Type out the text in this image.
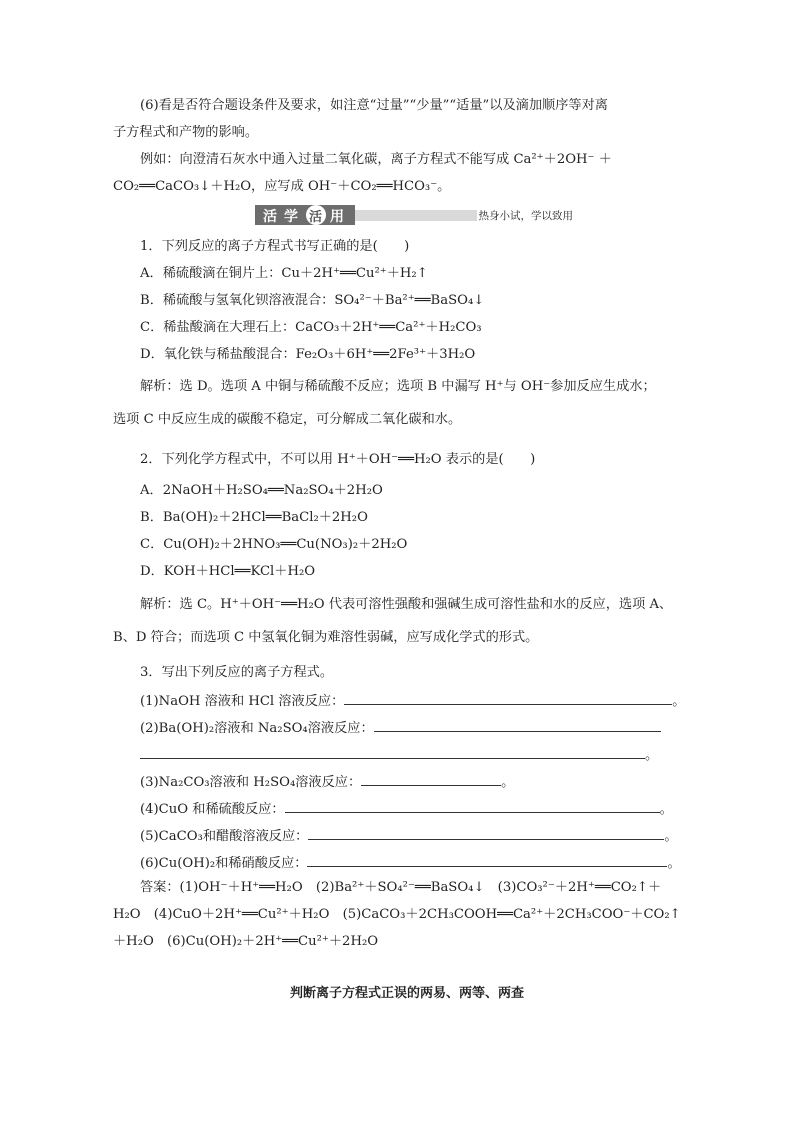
(6)看是否符合题设条件及要求，如注意“过量”“少量”“适量”以及滴加顺序等对离
子方程式和产物的影响。
例如：向澄清石灰水中通入过量二氧化碳，离子方程式不能写成 Ca²⁺＋2OH⁻ ＋
CO₂══CaCO₃↓＋H₂O，应写成 OH⁻＋CO₂══HCO₃⁻。
活 学 用
活	热身小试，学以致用
1．下列反应的离子方程式书写正确的是(　　)
A．稀硫酸滴在铜片上：Cu＋2H⁺══Cu²⁺＋H₂↑
B．稀硫酸与氢氧化钡溶液混合：SO₄²⁻＋Ba²⁺══BaSO₄↓
C．稀盐酸滴在大理石上：CaCO₃＋2H⁺══Ca²⁺＋H₂CO₃
D．氧化铁与稀盐酸混合：Fe₂O₃＋6H⁺══2Fe³⁺＋3H₂O
解析：选 D。选项 A 中铜与稀硫酸不反应；选项 B 中漏写 H⁺与 OH⁻参加反应生成水；
选项 C 中反应生成的碳酸不稳定，可分解成二氧化碳和水。
2．下列化学方程式中，不可以用 H⁺＋OH⁻══H₂O 表示的是(　　)
A．2NaOH＋H₂SO₄══Na₂SO₄＋2H₂O
B．Ba(OH)₂＋2HCl══BaCl₂＋2H₂O
C．Cu(OH)₂＋2HNO₃══Cu(NO₃)₂＋2H₂O
D．KOH＋HCl══KCl＋H₂O
解析：选 C。H⁺＋OH⁻══H₂O 代表可溶性强酸和强碱生成可溶性盐和水的反应，选项 A、
B、D 符合；而选项 C 中氢氧化铜为难溶性弱碱，应写成化学式的形式。
3．写出下列反应的离子方程式。
(1)NaOH 溶液和 HCl 溶液反应：	。
(2)Ba(OH)₂溶液和 Na₂SO₄溶液反应：
。
(3)Na₂CO₃溶液和 H₂SO₄溶液反应：	。
(4)CuO 和稀硫酸反应：	。
(5)CaCO₃和醋酸溶液反应：	。
(6)Cu(OH)₂和稀硝酸反应：	。
答案：(1)OH⁻＋H⁺══H₂O　(2)Ba²⁺＋SO₄²⁻══BaSO₄↓　(3)CO₃²⁻＋2H⁺══CO₂↑＋
H₂O　(4)CuO＋2H⁺══Cu²⁺＋H₂O　(5)CaCO₃＋2CH₃COOH══Ca²⁺＋2CH₃COO⁻＋CO₂↑
＋H₂O　(6)Cu(OH)₂＋2H⁺══Cu²⁺＋2H₂O
判断离子方程式正误的两易、两等、两查
